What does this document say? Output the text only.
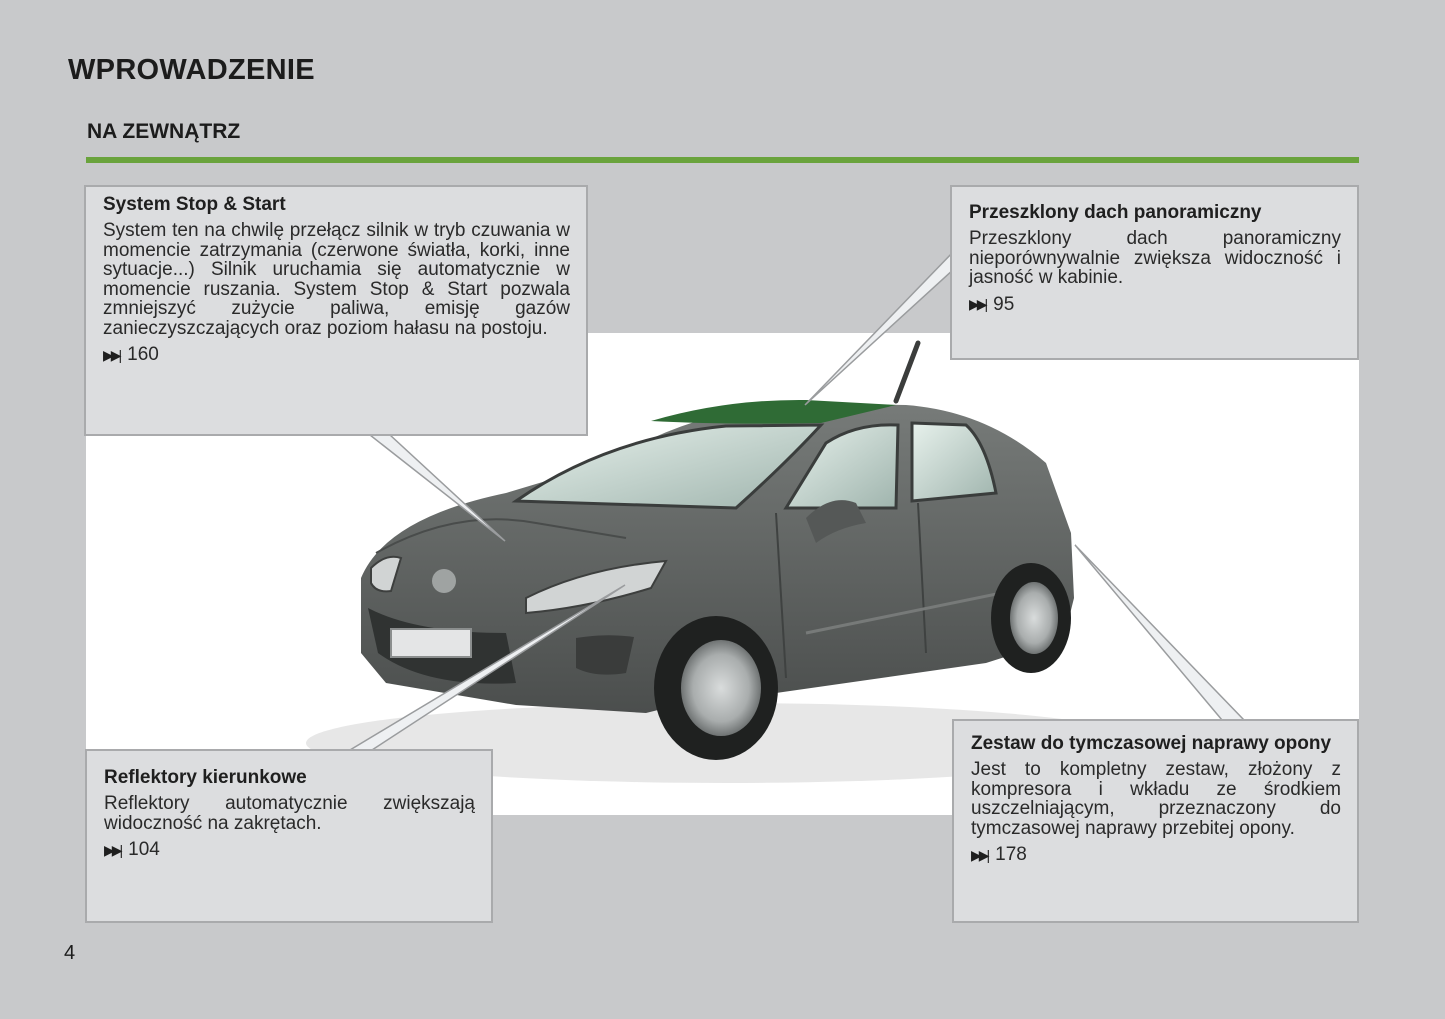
WPROWADZENIE
NA ZEWNĄTRZ
System Stop & Start

System ten na chwilę przełącz silnik w tryb czuwania w momencie zatrzymania (czerwone światła, korki, inne sytuacje...) Silnik uruchamia się automatycznie w momencie ruszania. System Stop & Start pozwala zmniejszyć zużycie paliwa, emisję gazów zanieczyszczających oraz poziom hałasu na postoju.

▶▶| 160
Przeszklony dach panoramiczny

Przeszklony dach panoramiczny nieporównywalnie zwiększa widoczność i jasność w kabinie.

▶▶| 95
Reflektory kierunkowe

Reflektory automatycznie zwiększają widoczność na zakrętach.

▶▶| 104
Zestaw do tymczasowej naprawy opony

Jest to kompletny zestaw, złożony z kompresora i wkładu ze środkiem uszczelniającym, przeznaczony do tymczasowej naprawy przebitej opony.

▶▶| 178
4
